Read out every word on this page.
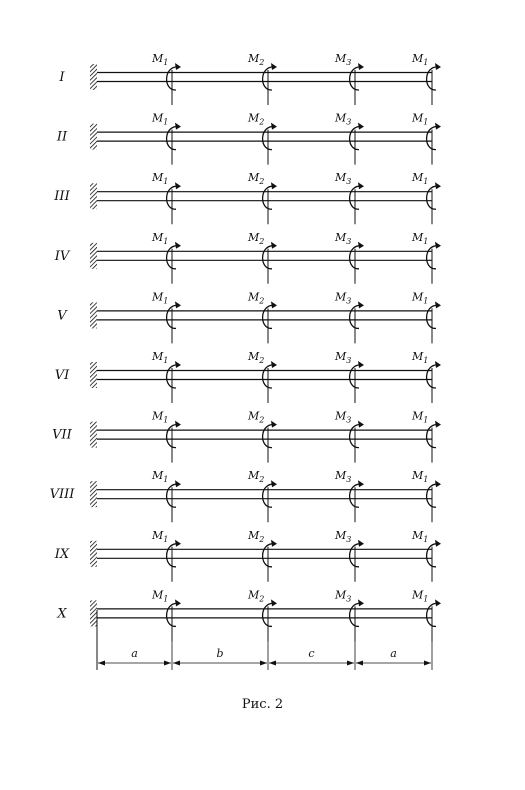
I
$M_1$	$M_2$	$M_3$	$M_1$
II
$M_1$	$M_2$	$M_3$	$M_1$
III
$M_1$	$M_2$	$M_3$	$M_1$
IV
$M_1$	$M_2$	$M_3$	$M_1$
V
$M_1$	$M_2$	$M_3$	$M_1$
VI
$M_1$	$M_2$	$M_3$	$M_1$
VII
$M_1$	$M_2$	$M_3$	$M_1$
VIII
$M_1$	$M_2$	$M_3$	$M_1$
IX
$M_1$	$M_2$	$M_3$	$M_1$
X
$M_1$	$M_2$	$M_3$	$M_1$
a	b	c	a
Рис. 2
